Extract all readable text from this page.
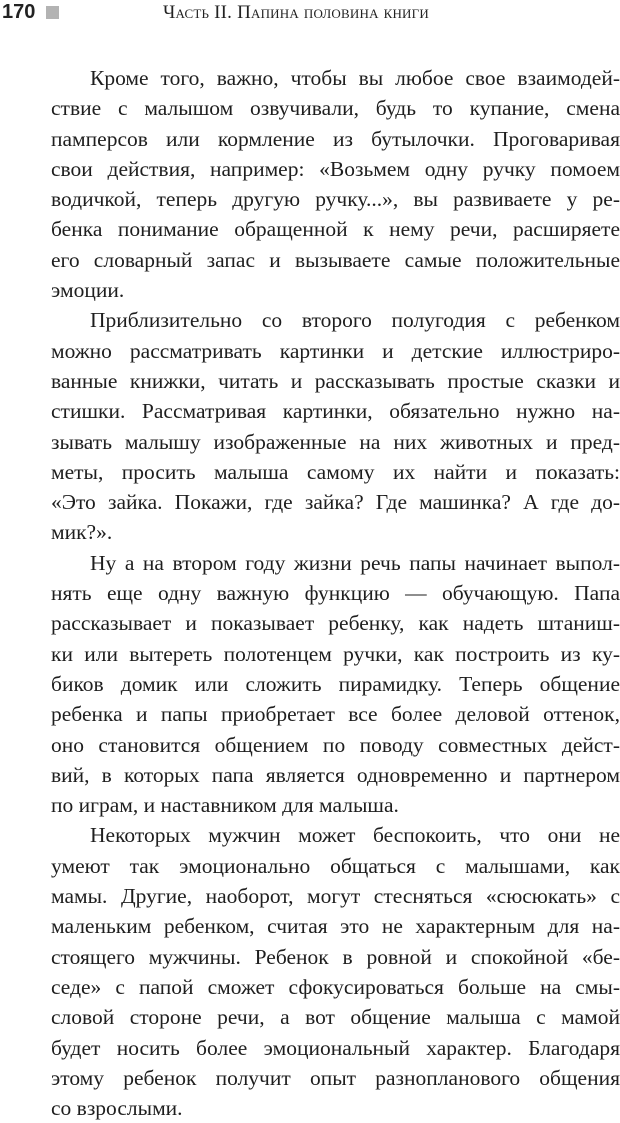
170	Часть II. Папина половина книги
Кроме того, важно, чтобы вы любое свое взаимодей-
ствие с малышом озвучивали, будь то купание, смена
памперсов или кормление из бутылочки. Проговаривая
свои действия, например: «Возьмем одну ручку помоем
водичкой, теперь другую ручку...», вы развиваете у ре-
бенка понимание обращенной к нему речи, расширяете
его словарный запас и вызываете самые положительные
эмоции.
Приблизительно со второго полугодия с ребенком
можно рассматривать картинки и детские иллюстриро-
ванные книжки, читать и рассказывать простые сказки и
стишки. Рассматривая картинки, обязательно нужно на-
зывать малышу изображенные на них животных и пред-
меты, просить малыша самому их найти и показать:
«Это зайка. Покажи, где зайка? Где машинка? А где до-
мик?».
Ну а на втором году жизни речь папы начинает выпол-
нять еще одну важную функцию — обучающую. Папа
рассказывает и показывает ребенку, как надеть штаниш-
ки или вытереть полотенцем ручки, как построить из ку-
биков домик или сложить пирамидку. Теперь общение
ребенка и папы приобретает все более деловой оттенок,
оно становится общением по поводу совместных дейст-
вий, в которых папа является одновременно и партнером
по играм, и наставником для малыша.
Некоторых мужчин может беспокоить, что они не
умеют так эмоционально общаться с малышами, как
мамы. Другие, наоборот, могут стесняться «сюсюкать» с
маленьким ребенком, считая это не характерным для на-
стоящего мужчины. Ребенок в ровной и спокойной «бе-
седе» с папой сможет сфокусироваться больше на смы-
словой стороне речи, а вот общение малыша с мамой
будет носить более эмоциональный характер. Благодаря
этому ребенок получит опыт разнопланового общения
со взрослыми.
